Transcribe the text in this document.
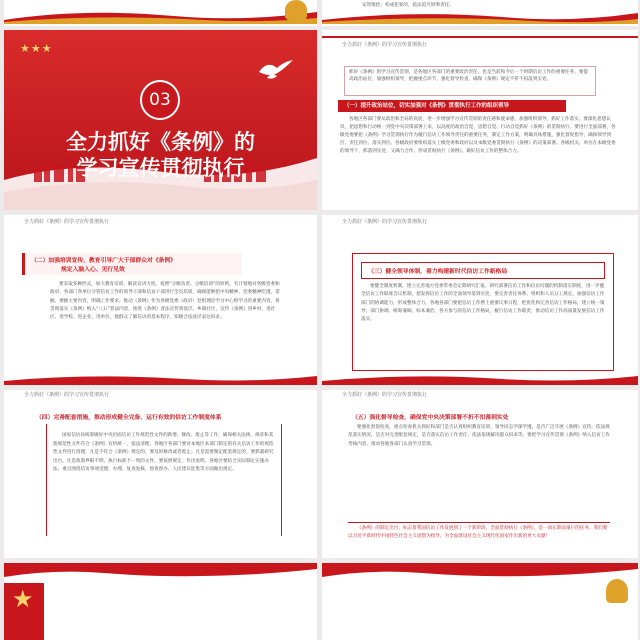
安管维控；构成犯罪的，依法追究刑事责任。
★★★
03
全力抓好《条例》的
学习宣传贯彻执行
全力抓好《条例》的学习宣传贯彻执行
抓好《条例》的学习宣传贯彻，是各地区各部门的重要政治责任，也是当前和今后一个时期信访工作的重要任务。要提高政治站位，加强组织领导，把握重点环节，强化督导检查，确保《条例》规定不折不扣落到实处。
（一）提升政治站位，切实加强对《条例》贯彻执行工作的组织领导
各地区各部门要从政治和全局的高度，进一步增强学习宣传贯彻的责任感和使命感，加强组织领导，抓好工作落实。要深化思想认识，把思想和行动统一到党中央决策部署上来，以高度的政治自觉、思想自觉、行动自觉抓好《条例》的贯彻执行。要进行全面部署，各级党委要把《条例》学习贯彻执行作为履行信访工作领导责任的重要任务，制定工作方案，明确具体措施，强化督促指导，确保领导到位、责任到位、落实到位。各级政府要组织落实上级党委和政府以及本级党委贯彻执行《条例》的决策部署。各级机关、单位在本级党委的领导下，抓落到实处，又确力合作，形成贯彻执行《条例》、做好信访工作的整体合力。
全力抓好《条例》的学习宣传贯彻执行
（二）加强培训宣传，教育引导广大干部群众对《条例》
规定入脑入心、见行见效
要采取多种形式，加大教育培训、解读宣讲力度。按照“分级负责、分级培训”的原则，有计划地对各级党委和政府、各部门各单位分管信访工作的领导干部和信访干部进行全员培训，确保能够把中央精神、党委精神吃透、掌握、要握主要内容，明确工作要求。推动《条例》作为各级党委（政府）党组理论学习中心组学习的重要内容，将贯彻落实《条例》纳入“八五”普法内容，推进《条例》普法宣传到基层、乡镇社区，宣传《条例》进乡村、进社区、进学校、进企业、进单位，使群众了解信访的基本程序，知晓合法途径表达诉求。
全力抓好《条例》的学习宣传贯彻执行
（三）健全领导体制，着力构建新时代信访工作新格局
要健全制度机制，建立完善地方党委常委会定期研究汇报、研究部署信访工作和信访问题的机制落实制度，进一步健全信访工作联席会议机制，把发挥信访工作的全面领导落到实处。要完善责任体系，组织和人员分工规定，加强信访工作部门的协调能力，形成整体合力。各地各部门要把信访工作摆上重要议事日程，把优化和完善信访工作格局，建立统一领导、部门协调、统筹兼顾、标本兼治、各方参与的信访工作格局，履行信访工作职责，推动信访工作高质量发展信访工作落实。
全力抓好《条例》的学习宣传贯彻执行
（四）完善配套措施，推动形成健全完备、运行有效的信访工作制度体系
国家信访局统筹做好中央层面信访工作规范性文件的新增、修改、废止等工作，确保相关法规、规章和其他规范性文件符合《条例》有机统一，依法清理。各地区各部门要对本地区本部门制定的有关信访工作的规范性文件进行清理，凡是不符合《条例》规定的，要及时修改或者废止；凡是需要制定配套规定的，要抓紧研究出台。凡是政策界限不明、执行标准不一致的文件，要按照规定，作出说明。各地区要结合实际制定实施办法，重点围绕信访事项受理、办理、复查复核、督查督办、人民建议征集等方面做出规定。
全力抓好《条例》的学习宣传贯彻执行
（五）强化督导检查，确保党中央决策部署不折不扣落到实处
要强化督促检查，重点检查机关抓好和部门是否认真组织教育培训，领导同志学深学透，是否广泛开展《条例》宣传，依法规范落实情况，是否对完善配套规定，是否落实信访工作责任，依法依规解决群众诉求等。要把学习宣传贯彻《条例》纳入信访工作考核内容，推动各地各部门认真学习贯彻。
《条例》的制定出台，标志着我国信访工作发展到了一个新阶段，全面贯彻执行《条例》，是一项长期而艰巨的任务。我们要以习近平新时代中国特色社会主义思想为指导，为全面建设社会主义现代化国家作出新的更大贡献！
★
